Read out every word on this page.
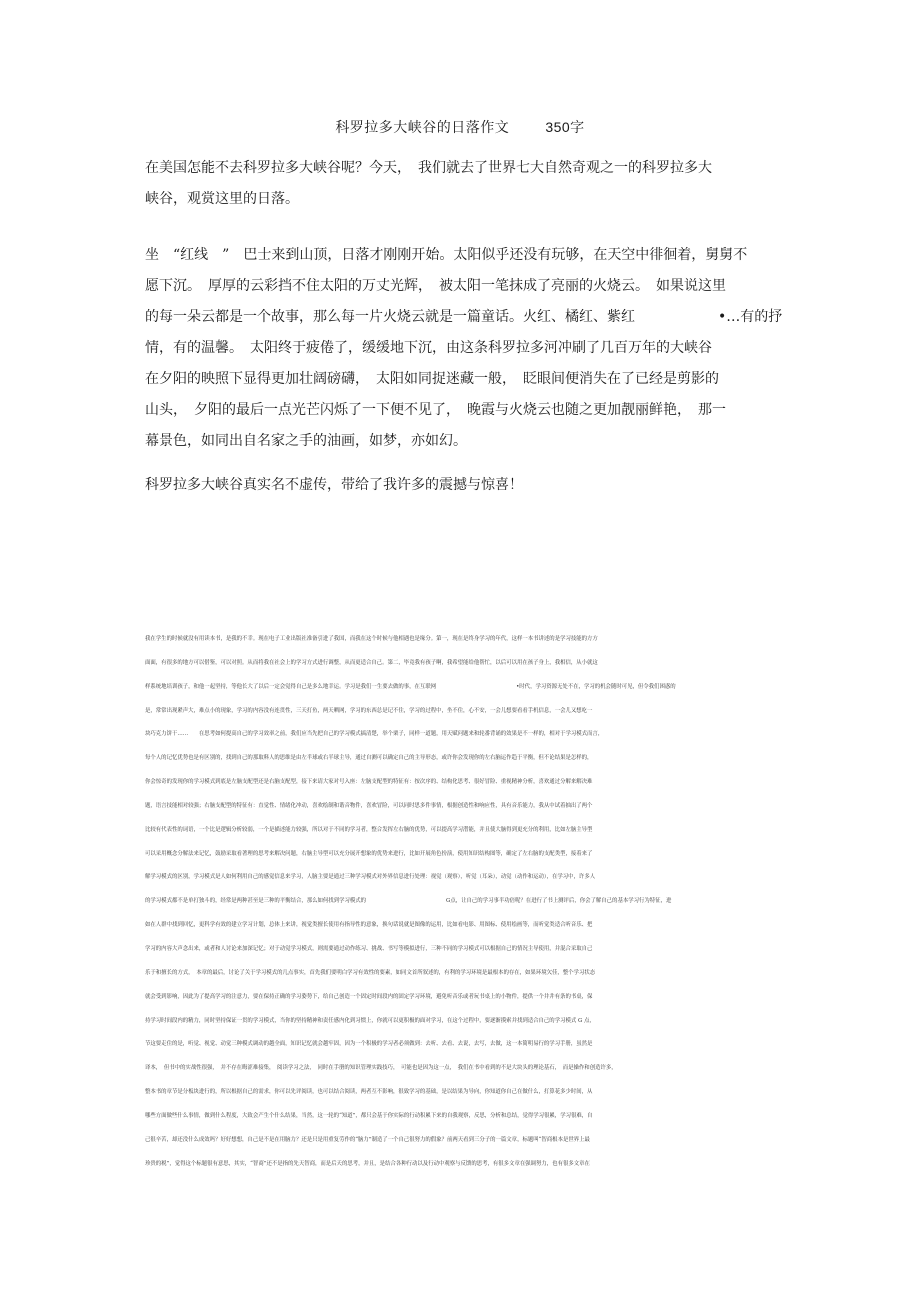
科罗拉多大峡谷的日落作文	350字
在美国怎能不去科罗拉多大峡谷呢？今天，　我们就去了世界七大自然奇观之一的科罗拉多大
峡谷，观赏这里的日落。
坐　“红线　”　巴士来到山顶，日落才刚刚开始。太阳似乎还没有玩够，在天空中徘徊着，舅舅不
愿下沉。　厚厚的云彩挡不住太阳的万丈光辉，　被太阳一笔抹成了亮丽的火烧云。　如果说这里
的每一朵云都是一个故事，那么每一片火烧云就是一篇童话。火红、橘红、紫红	•…有的抒
情，有的温馨。　太阳终于疲倦了，缓缓地下沉，由这条科罗拉多河冲刷了几百万年的大峡谷
在夕阳的映照下显得更加壮阔磅礴，　太阳如同捉迷藏一般，　眨眼间便消失在了已经是剪影的
山头，　夕阳的最后一点光芒闪烁了一下便不见了，　晚霞与火烧云也随之更加靓丽鲜艳，　那一
幕景色，如同出自名家之手的油画，如梦，亦如幻。
科罗拉多大峡谷真实名不虚传，带给了我许多的震撼与惊喜！
我在学生的时候就没有用读本书，是我的不幸。现在电子工业出版社准备引进了我国，而我在这个时候与他相遇也是缘分。第一，现在是终身学习的年代，这样一本书讲述的是学习技能的方方
面面，有很多的地方可以借鉴，可以对照。从而将我在社会上的学习方式进行调整，从而更适合自己。第二，毕竟我有孩子啊，我希望能给他帮忙，以后可以用在孩子身上，我相信，从小就这
样系统地培训孩子，和他一起坚持，等他长大了以后一定会觉得自己是多么地幸运。学习是我们一生要去做的事，在互联网	•时代，学习资源无处不在，学习的机会随时可见，但令我们困惑的
是，常常出现紧声大，难点小的现象，学习的内容没有连贯性，三天打鱼，两天晒网，学习的东西总是记不住，学习的过程中，坐不住，心不安，一会儿想要看看手机信息，一会儿又想吃一
块巧克力饼干……　　在思考如何提高自己的学习效率之前，我们应当先把自己的学习模式搞清楚，举个栗子，同样一道题，用天赋问题来和轮番背诵的效果是不一样的，相对于学习模式而言，
每个人的记忆优势也是有区别的，找到自己的那取料人的思维是由左半球或右半球主导，通过自测可以确定自己的主导形态，或许你会发现你的左右脑运作趋于平衡，但不论结果是怎样的，
你会惊奇的发现你的学习模式到底是左脑支配型还是右脑支配型，接下来请大家对号入座：左脑支配型的特征有：按次序的、结构化思考、很好冒险、重视精神分析，喜欢通过分解来解决难
题，语言技能相对较强；右脑支配型的特征有：直觉性、情绪化冲动，喜欢绘制和谐音物件，喜欢冒险，可以同时思多件事情，根据创造性和响应性，具有音乐能力，我从中试着抽出了两个
比较有代表性的词语，一个比是逻辑分析较弱，一个是描述能力较强，所以对于不同的学习者，整合发挥左右脑的优势，可以提高学习潜能，并且使大脑得到更充分的利用，比如左脑主导型
可以采用概念分解法来记忆，鼓励采取看著理的思考来解决问题，右脑主导型可以充分展开想象的优势来进行，比如开展角色扮演，使用知识结构图等，确定了左右脑的支配类型，接着来了
解学习模式的区别，学习模式是人如何利用自己的感觉信息来学习，人脑主要是通过三种学习模式对外界信息进行处理：视觉（观察），听觉（耳朵），动觉（动作和运动），在学习中，许多人
的学习模式都不是单打独斗的，经常是两种甚至是三种的平衡结合，那么如何找到学习模式的	G点，让自己的学习事半功倍呢？在进行了书上测评后，你会了解自己的基本学习行为特征，进
如在人群中找到回忆，更科学有效的建立学习计划，总体上来讲，视觉类擅长使用有指导性的意象，换句话说就是图像的运用，比如看电影、用图标、使用绘画等，而听觉类适合听音乐、把
学习的内容大声念出来，或者和人讨论来加深记忆；对于动觉学习模式，则需要通过动作练习、挑战、书写等模拟进行，三种不同的学习模式可以根据自己的情况主导使用，并混合采取自己
乐于和擅长的方式，　本章的最后，讨论了关于学习模式的几点事实，首先我们要明白学习有效性的要素，如同文首所叙述的，有利的学习环境是最根本的存在，如果环境欠佳，整个学习状态
就会受到影响，因此为了提高学习的注意力，要在保持正确的学习姿势下，给自己创造一个固定时间段内的固定学习环境，避免听音乐或者玩书桌上的小物件，提供一个井井有条的书桌，保
持学习时间段内的精力，同时坚持保证一贯的学习模式，当你的坚持精神和责任感内化到习惯上，你就可以更积极的面对学习，在这个过程中，要逐渐摸索并找到适合自己的学习模式 G 点，
节这要走住的是，听觉、视觉、动觉三种模式调动的越全面，知识记忆就会越牢固，因为一个积极的学习者必须做到：去听、去看、去说，去写，去做，这一本简明易行的学习手册，虽然是
译本，　但书中的实战性很强，　并不存在晦涩难接集，　阅读学习之法，　同时在手册的知识管理实践技巧，　可能也是因为这一点，　我们在书中看到的不是大块头的理论基石，　而是操作和创造许多，
整本书的章节是分板块进行的，所以根据自己的需求，你可以先评阅读，也可以结合阅读，两者互不影响，很致学习的基础，是以结果为导向，你知道你自己在做什么，打算花多少时间，从
哪些方面做些什么事情，做到什么程度，大致会产生个什么结果，当然，这一轮的“知道”，都只会基于你实际的行动积累下来的自我观察，反思，分析和总结，觉得学习很累，学习很难，自
己很辛苦，却还没什么成效吗？好好想想，自己是不是在用脑力？还是只是用重复劳作的“脑力”制造了一个自己很努力的假象？前两天看到三分子的一篇文章，标题叫“智商根本是世界上最
珍贵的税”，觉得这个标题很有意思，其实，“智商”还不是指的先天智商，而是后天的思考，并且，是结合各种行动以及行动中观察与反馈的思考，有很多文章在强调努力，也有很多文章在
